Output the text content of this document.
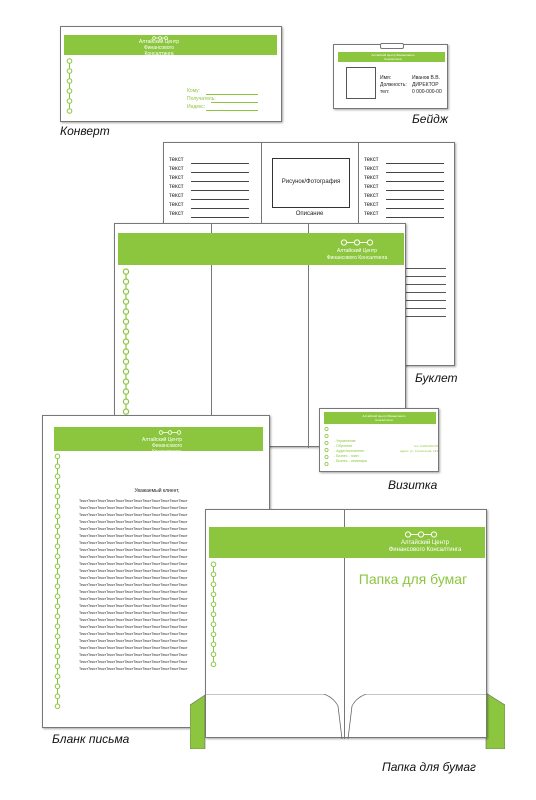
Алтайский Центр Финансового Консалтинга
Кому:
Получатель:
Индекс:
Конверт
Алтайский Центр Финансового Консалтинга
Имя:	Иванов В.В.
Должность: ДИРЕКТОР
тел:	0 000-000-00
Бейдж
текст
текст
текст
текст
текст
текст
текст
Рисунок/Фотография
Описание
текст
текст
текст
текст
текст
текст
текст
Буклет
Алтайский Центр
Финансового Консалтинга
Алтайский Центр Финансового Консалтинга
- Управление
- Обучение
- Аудит/консалтинг
- Бизнес - план
- Бизнес - семинары
тел: 0-000-000-00
адрес: ул. Строителей, 123
Визитка
Алтайский Центр
Финансового Консалтинга
Уважаемый клиент,
ТекстТекстТекстТекстТекстТекстТекстТекстТекстТекстТекстТекст
ТекстТекстТекстТекстТекстТекстТекстТекстТекстТекстТекстТекст
ТекстТекстТекстТекстТекстТекстТекстТекстТекстТекстТекстТекст
ТекстТекстТекстТекстТекстТекстТекстТекстТекстТекстТекстТекст
ТекстТекстТекстТекстТекстТекстТекстТекстТекстТекстТекстТекст
ТекстТекстТекстТекстТекстТекстТекстТекстТекстТекстТекстТекст
ТекстТекстТекстТекстТекстТекстТекстТекстТекстТекстТекстТекст
ТекстТекстТекстТекстТекстТекстТекстТекстТекстТекстТекстТекст
ТекстТекстТекстТекстТекстТекстТекстТекстТекстТекстТекстТекст
ТекстТекстТекстТекстТекстТекстТекстТекстТекстТекстТекстТекст
ТекстТекстТекстТекстТекстТекстТекстТекстТекстТекстТекстТекст
ТекстТекстТекстТекстТекстТекстТекстТекстТекстТекстТекстТекст
ТекстТекстТекстТекстТекстТекстТекстТекстТекстТекстТекстТекст
ТекстТекстТекстТекстТекстТекстТекстТекстТекстТекстТекстТекст
ТекстТекстТекстТекстТекстТекстТекстТекстТекстТекстТекстТекст
ТекстТекстТекстТекстТекстТекстТекстТекстТекстТекстТекстТекст
ТекстТекстТекстТекстТекстТекстТекстТекстТекстТекстТекстТекст
ТекстТекстТекстТекстТекстТекстТекстТекстТекстТекстТекстТекст
ТекстТекстТекстТекстТекстТекстТекстТекстТекстТекстТекстТекст
ТекстТекстТекстТекстТекстТекстТекстТекстТекстТекстТекстТекст
ТекстТекстТекстТекстТекстТекстТекстТекстТекстТекстТекстТекст
ТекстТекстТекстТекстТекстТекстТекстТекстТекстТекстТекстТекст
ТекстТекстТекстТекстТекстТекстТекстТекстТекстТекстТекстТекст
ТекстТекстТекстТекстТекстТекстТекстТекстТекстТекстТекстТекст
ТекстТекстТекстТекстТекстТекстТекстТекстТекстТекстТекстТекст
Бланк письма
Алтайский Центр
Финансового Консалтинга
Папка для бумаг
Папка для бумаг
